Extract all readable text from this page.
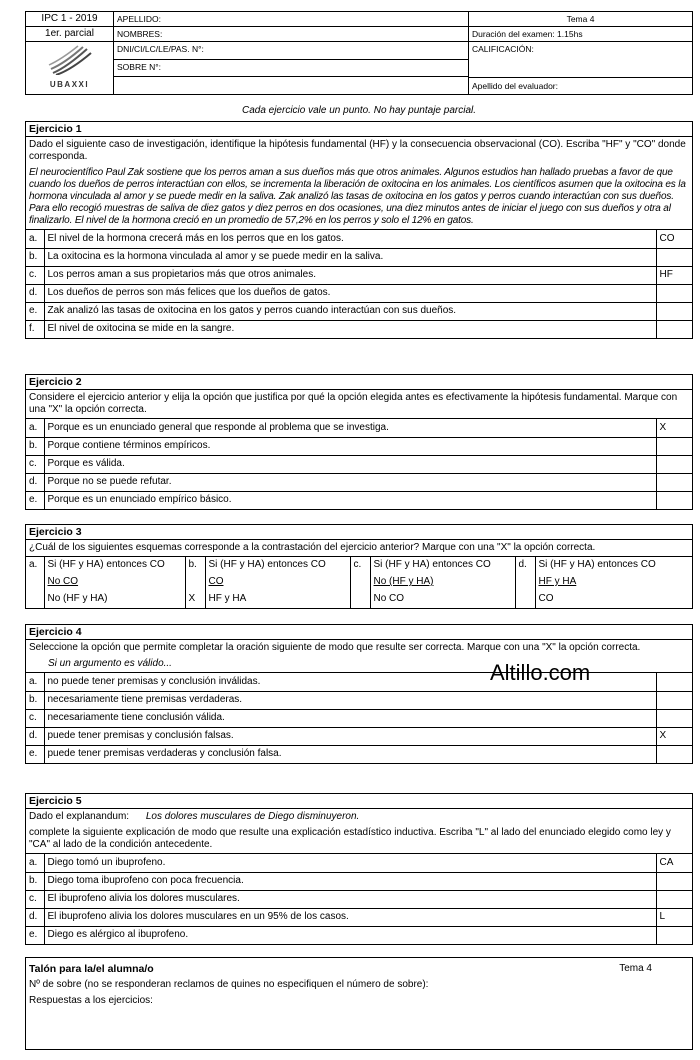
IPC 1 - 2019	APELLIDO:	Tema 4
1er. parcial	NOMBRES:	Duración del examen: 1.15hs

UBAXXI	DNI/CI/LC/LE/PAS. N°:	CALIFICACIÓN:
Apellido del evaluador:

	SOBRE N°:	

Cada ejercicio vale un punto. No hay puntaje parcial.
Ejercicio 1
Dado el siguiente caso de investigación, identifique la hipótesis fundamental (HF) y la consecuencia observacional (CO). Escriba "HF" y "CO" donde corresponda.
El neurocientífico Paul Zak sostiene que los perros aman a sus dueños más que otros animales. Algunos estudios han hallado pruebas a favor de que cuando los dueños de perros interactúan con ellos, se incrementa la liberación de oxitocina en los animales. Los científicos asumen que la oxitocina es la hormona vinculada al amor y se puede medir en la saliva. Zak analizó las tasas de oxitocina en los gatos y perros cuando interactúan con sus dueños. Para ello recogió muestras de saliva de diez gatos y diez perros en dos ocasiones, una diez minutos antes de iniciar el juego con sus dueños y otra al finalizarlo. El nivel de la hormona creció en un promedio de 57,2% en los perros y solo el 12% en gatos.
a.	El nivel de la hormona crecerá más en los perros que en los gatos.	CO
b.	La oxitocina es la hormona vinculada al amor y se puede medir en la saliva.	
c.	Los perros aman a sus propietarios más que otros animales.	HF
d.	Los dueños de perros son más felices que los dueños de gatos.	
e.	Zak analizó las tasas de oxitocina en los gatos y perros cuando interactúan con sus dueños.	
f.	El nivel de oxitocina se mide en la sangre.	
Ejercicio 2
Considere el ejercicio anterior y elija la opción que justifica por qué la opción elegida antes es efectivamente la hipótesis fundamental. Marque con una "X" la opción correcta.
a.	Porque es un enunciado general que responde al problema que se investiga.	X
b.	Porque contiene términos empíricos.	
c.	Porque es válida.	
d.	Porque no se puede refutar.	
e.	Porque es un enunciado empírico básico.	
Ejercicio 3
¿Cuál de los siguientes esquemas corresponde a la contrastación del ejercicio anterior? Marque con una "X" la opción correcta.
a.	Si (HF y HA) entonces CO	b.	Si (HF y HA) entonces CO	c.	Si (HF y HA) entonces CO	d.	Si (HF y HA) entonces CO
	No CO		CO		No (HF y HA)		HF y HA
	No (HF y HA)	X	HF y HA		No CO		CO
Ejercicio 4
Seleccione la opción que permite completar la oración siguiente de modo que resulte ser correcta. Marque con una "X" la opción correcta.
Si un argumento es válido...
a.	no puede tener premisas y conclusión inválidas.	
b.	necesariamente tiene premisas verdaderas.	
c.	necesariamente tiene conclusión válida.	
d.	puede tener premisas y conclusión falsas.	X
e.	puede tener premisas verdaderas y conclusión falsa.	
Altillo.com
Ejercicio 5
Dado el explanandum: Los dolores musculares de Diego disminuyeron.
complete la siguiente explicación de modo que resulte una explicación estadístico inductiva. Escriba "L" al lado del enunciado elegido como ley y "CA" al lado de la condición antecedente.
a.	Diego tomó un ibuprofeno.	CA
b.	Diego toma ibuprofeno con poca frecuencia.	
c.	El ibuprofeno alivia los dolores musculares.	
d.	El ibuprofeno alivia los dolores musculares en un 95% de los casos.	L
e.	Diego es alérgico al ibuprofeno.	
Talón para la/el alumna/o	Tema 4
Nº de sobre (no se responderan reclamos de quines no especifiquen el número de sobre):
Respuestas a los ejercicios:
